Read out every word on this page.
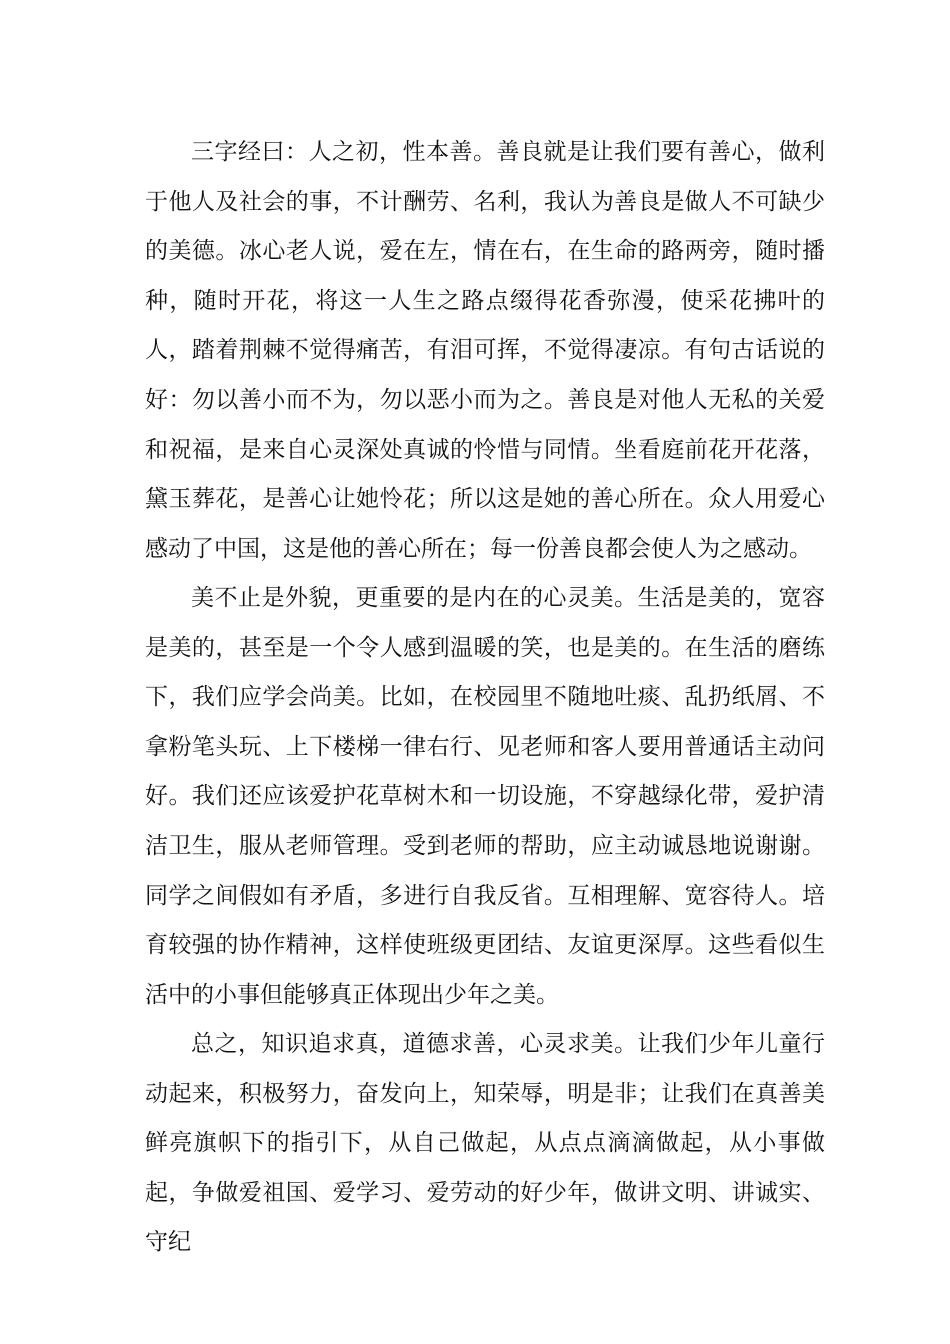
三字经曰：人之初，性本善。善良就是让我们要有善心，做利于他人及社会的事，不计酬劳、名利，我认为善良是做人不可缺少的美德。冰心老人说，爱在左，情在右，在生命的路两旁，随时播种，随时开花，将这一人生之路点缀得花香弥漫，使采花拂叶的人，踏着荆棘不觉得痛苦，有泪可挥，不觉得凄凉。有句古话说的好：勿以善小而不为，勿以恶小而为之。善良是对他人无私的关爱和祝福，是来自心灵深处真诚的怜惜与同情。坐看庭前花开花落，黛玉葬花，是善心让她怜花；所以这是她的善心所在。众人用爱心感动了中国，这是他的善心所在；每一份善良都会使人为之感动。

美不止是外貌，更重要的是内在的心灵美。生活是美的，宽容是美的，甚至是一个令人感到温暖的笑，也是美的。在生活的磨练下，我们应学会尚美。比如，在校园里不随地吐痰、乱扔纸屑、不拿粉笔头玩、上下楼梯一律右行、见老师和客人要用普通话主动问好。我们还应该爱护花草树木和一切设施，不穿越绿化带，爱护清洁卫生，服从老师管理。受到老师的帮助，应主动诚恳地说谢谢。同学之间假如有矛盾，多进行自我反省。互相理解、宽容待人。培育较强的协作精神，这样使班级更团结、友谊更深厚。这些看似生活中的小事但能够真正体现出少年之美。

总之，知识追求真，道德求善，心灵求美。让我们少年儿童行动起来，积极努力，奋发向上，知荣辱，明是非；让我们在真善美鲜亮旗帜下的指引下，从自己做起，从点点滴滴做起，从小事做起，争做爱祖国、爱学习、爱劳动的好少年，做讲文明、讲诚实、守纪
